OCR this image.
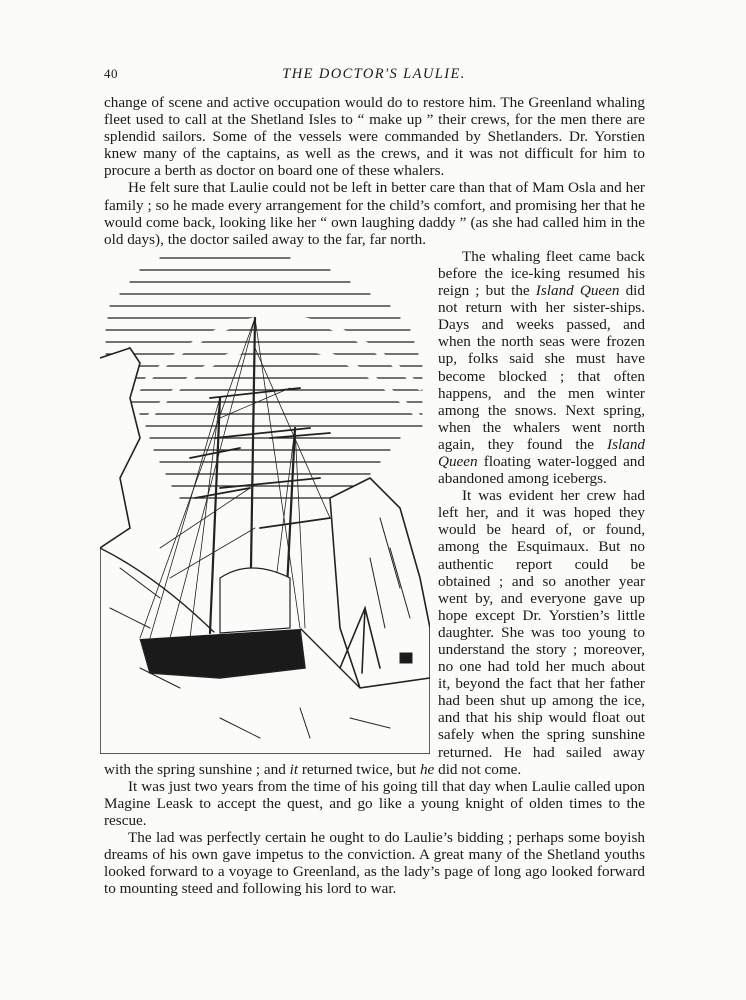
40	THE DOCTOR'S LAULIE.

change of scene and active occupation would do to restore him. The Greenland whaling fleet used to call at the Shetland Isles to “ make up ” their crews, for the men there are splendid sailors. Some of the vessels were commanded by Shetlanders. Dr. Yorstien knew many of the captains, as well as the crews, and it was not difficult for him to procure a berth as doctor on board one of these whalers.

He felt sure that Laulie could not be left in better care than that of Mam Osla and her family ; so he made every arrangement for the child’s comfort, and promising her that he would come back, looking like her “ own laughing daddy ” (as she had called him in the old days), the doctor sailed away to the far, far north.

The whaling fleet came back before the ice-king resumed his reign ; but the Island Queen did not return with her sister-ships. Days and weeks passed, and when the north seas were frozen up, folks said she must have become blocked ; that often happens, and the men winter among the snows. Next spring, when the whalers went north again, they found the Island Queen floating water-logged and abandoned among icebergs.

It was evident her crew had left her, and it was hoped they would be heard of, or found, among the Esquimaux. But no authentic report could be obtained ; and so another year went by, and everyone gave up hope except Dr. Yorstien’s little daughter. She was too young to understand the story ; moreover, no one had told her much about it, beyond the fact that her father had been shut up among the ice, and that his ship would float out safely when the spring sunshine returned. He had sailed away with the spring sunshine ; and it returned twice, but he did not come.

It was just two years from the time of his going till that day when Laulie called upon Magine Leask to accept the quest, and go like a young knight of olden times to the rescue.

The lad was perfectly certain he ought to do Laulie’s bidding ; perhaps some boyish dreams of his own gave impetus to the conviction. A great many of the Shetland youths looked forward to a voyage to Greenland, as the lady’s page of long ago looked forward to mounting steed and following his lord to war.
